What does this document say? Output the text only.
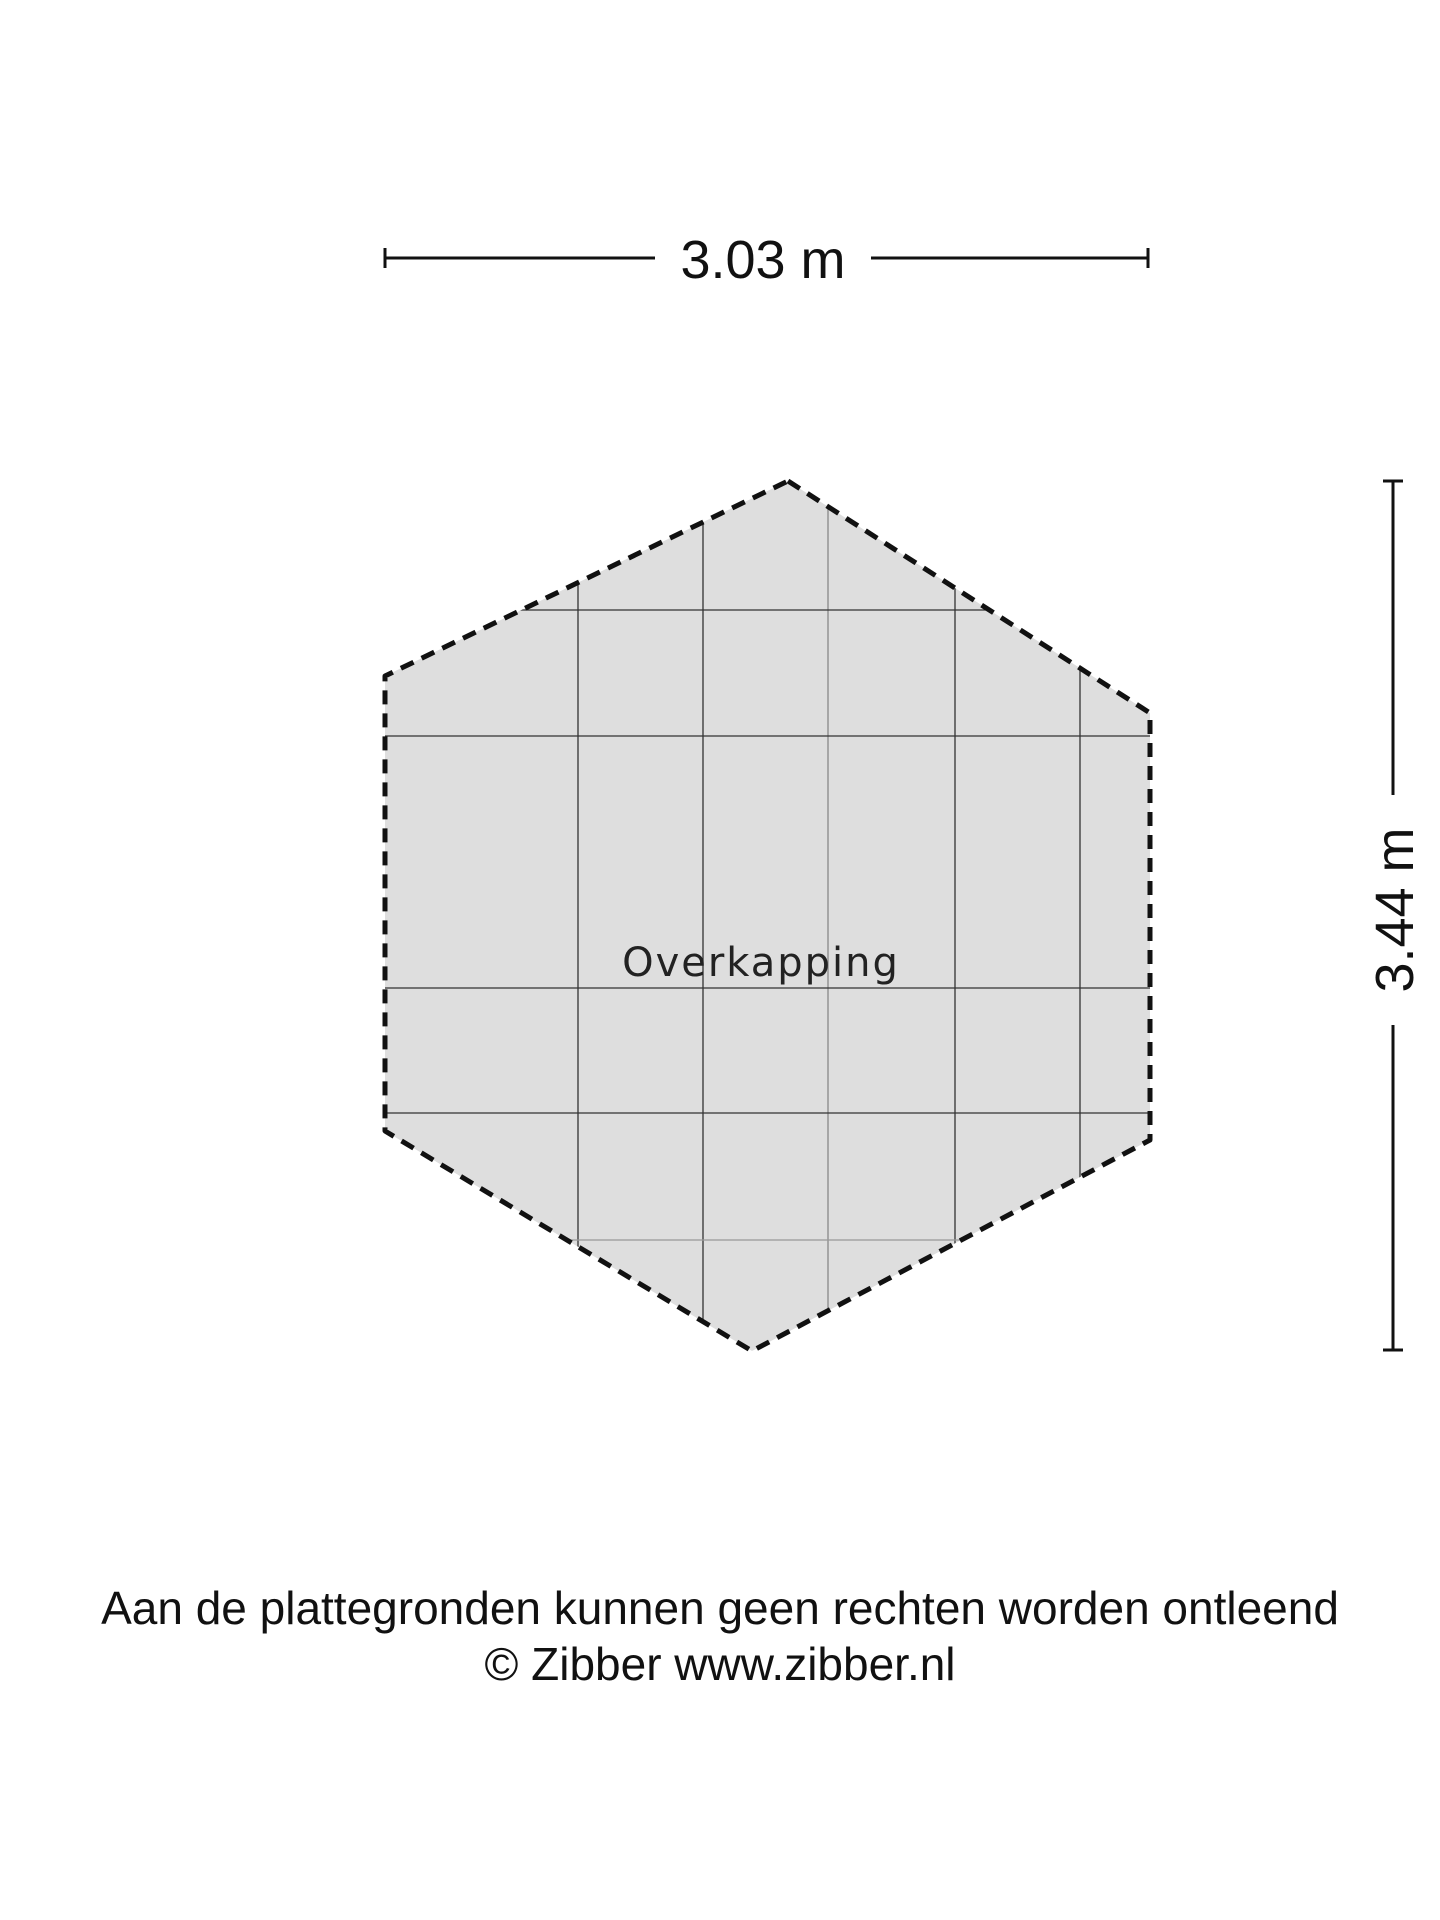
3.03 m
3.44 m
Overkapping
Aan de plattegronden kunnen geen rechten worden ontleend
© Zibber www.zibber.nl
